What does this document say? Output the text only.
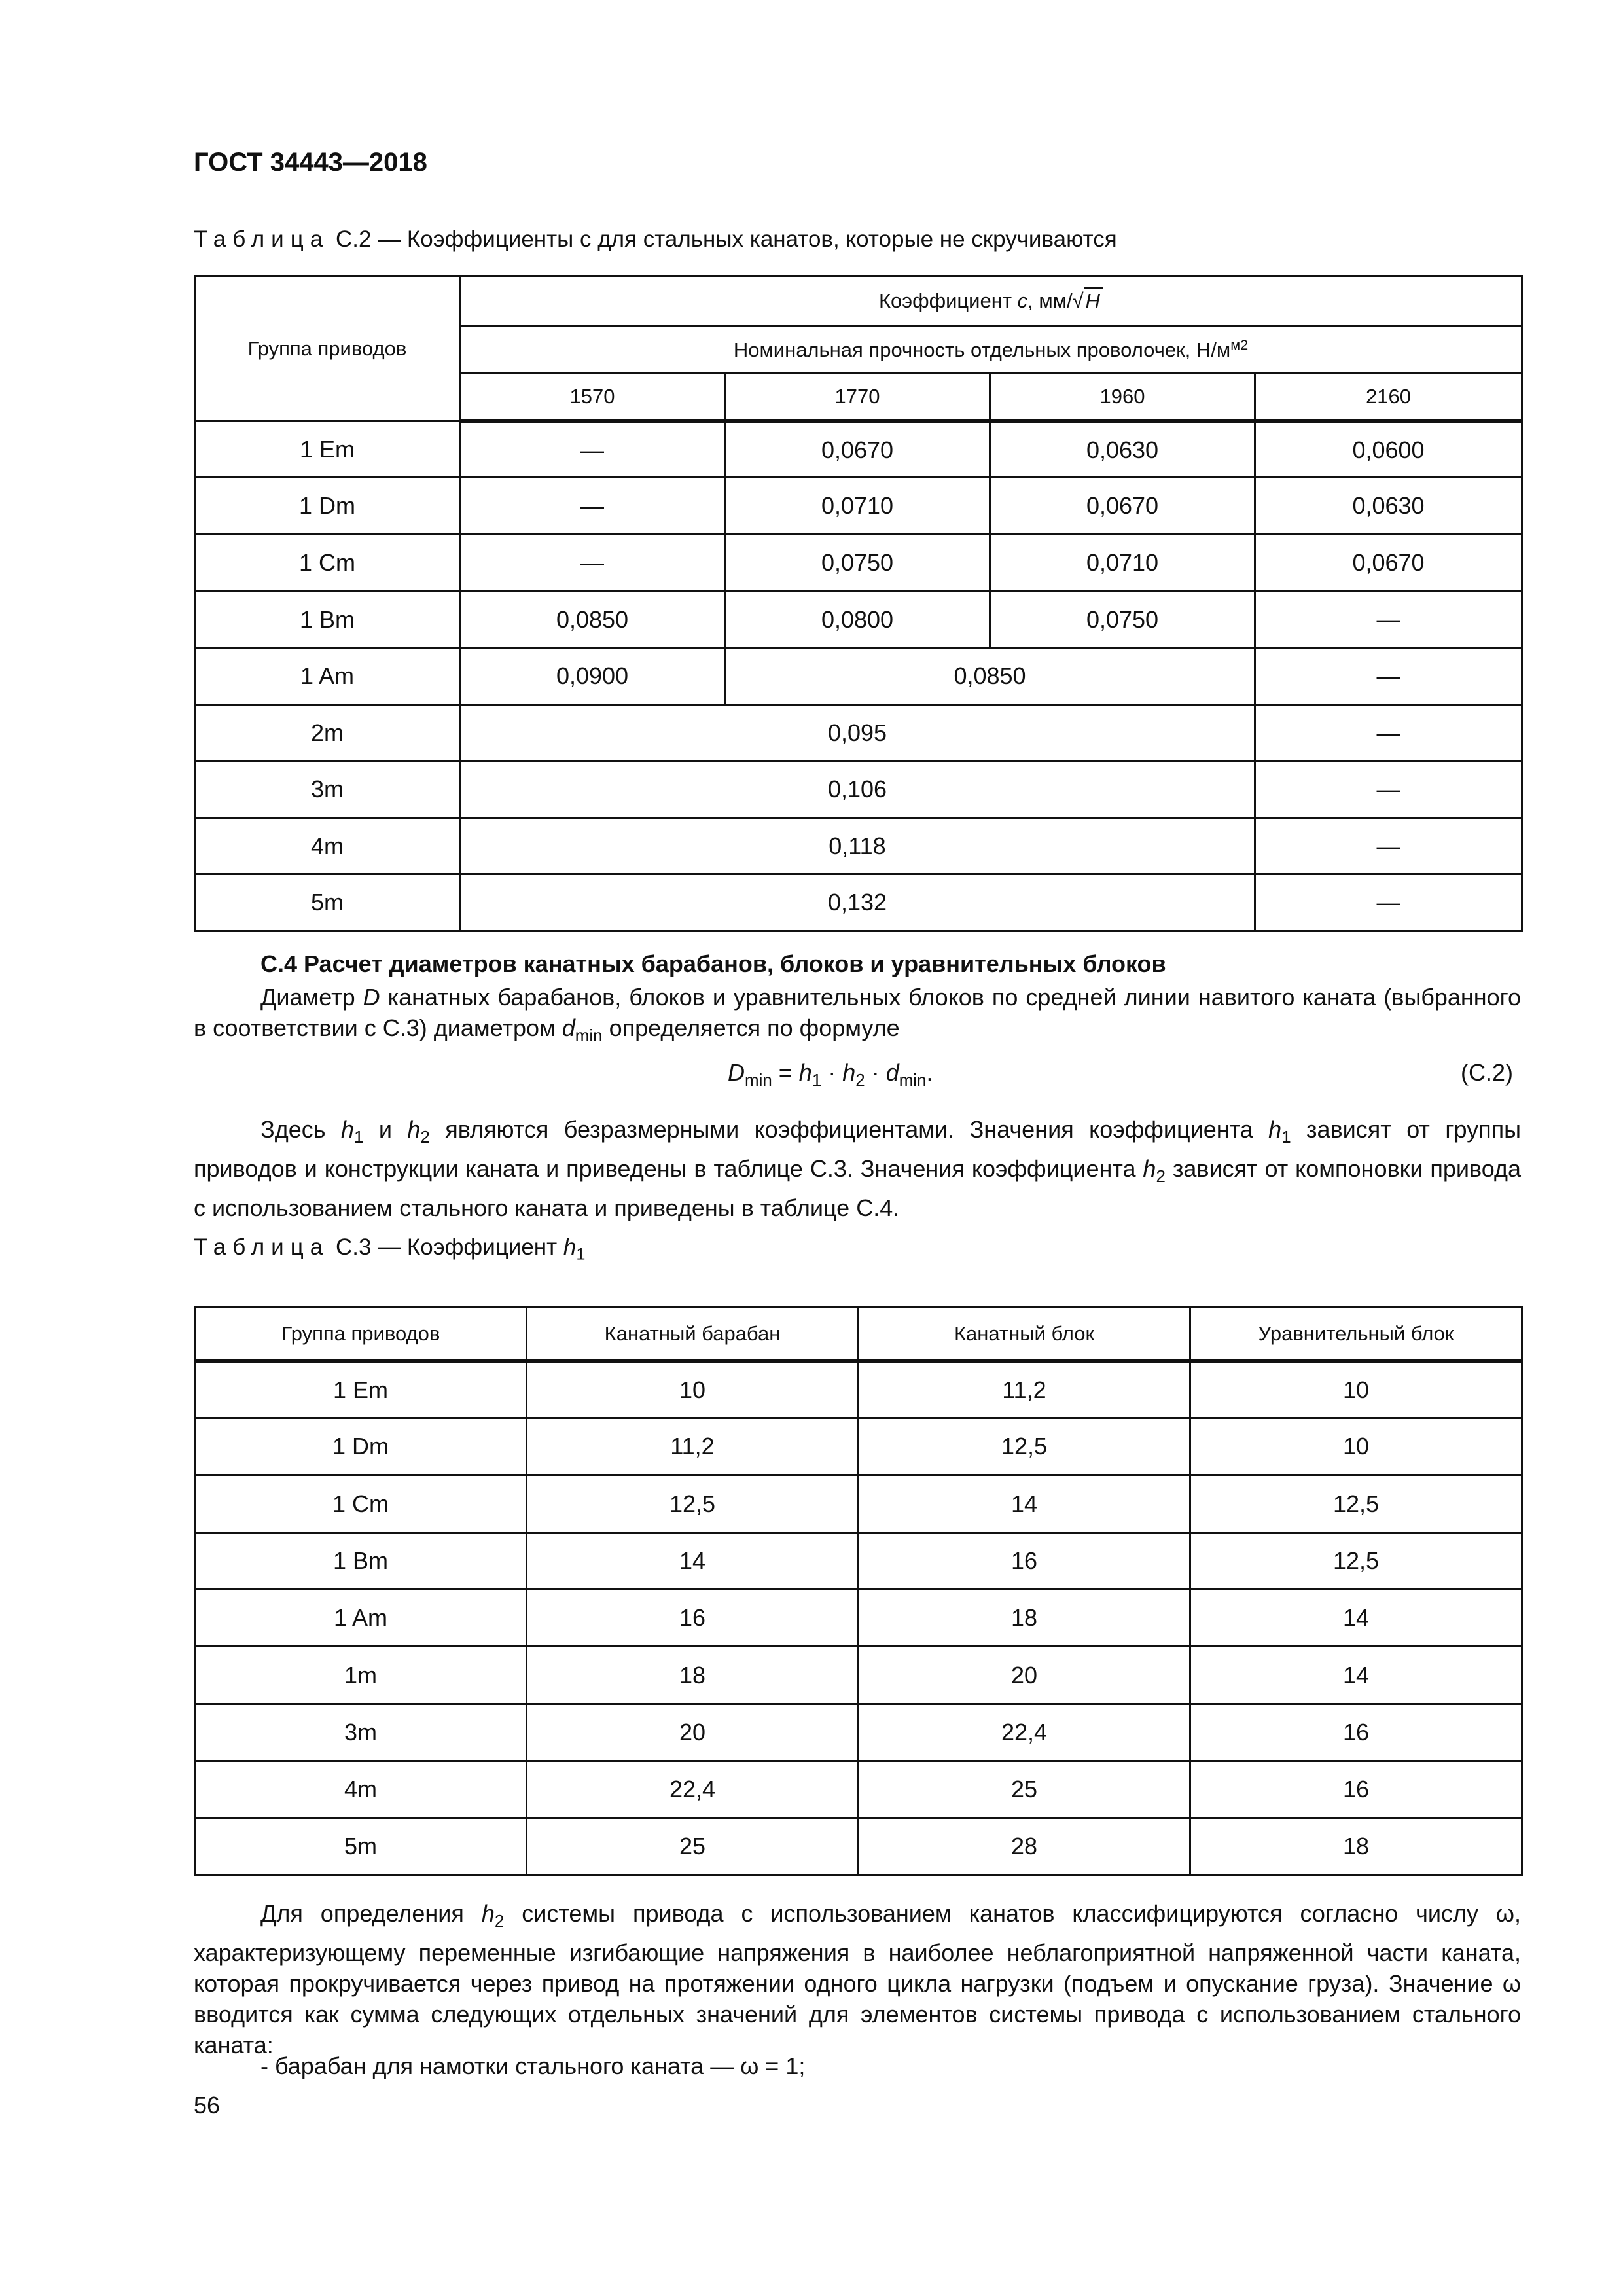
ГОСТ 34443—2018
Таблица С.2 — Коэффициенты c для стальных канатов, которые не скручиваются
Группа приводов	Коэффициент c, мм/√H			
	Номинальная прочность отдельных проволочек, $Н/м^{м2}$
	1570	1770	1960	2160
1 Em	—	0,0670	0,0630	0,0600
1 Dm	—	0,0710	0,0670	0,0630
1 Cm	—	0,0750	0,0710	0,0670
1 Bm	0,0850	0,0800	0,0750	—
1 Am	0,0900	0,0850		—
2m	0,095			—
3m	0,106			—
4m	0,118			—
5m	0,132			—
С.4 Расчет диаметров канатных барабанов, блоков и уравнительных блоков

Диаметр D канатных барабанов, блоков и уравнительных блоков по средней линии навитого каната (выбранного в соответствии с С.3) диаметром $d_{min}$ определяется по формуле

$D_{min} = h_1 \cdot h_2 \cdot d_{min}$.	(С.2)

Здесь $h_1$ и $h_2$ являются безразмерными коэффициентами. Значения коэффициента $h_1$ зависят от группы приводов и конструкции каната и приведены в таблице С.3. Значения коэффициента $h_2$ зависят от компоновки привода с использованием стального каната и приведены в таблице С.4.

Таблица С.3 — Коэффициент $h_1$
Группа приводов	Канатный барабан	Канатный блок	Уравнительный блок
1 Em	10	11,2	10
1 Dm	11,2	12,5	10
1 Cm	12,5	14	12,5
1 Bm	14	16	12,5
1 Am	16	18	14
1m	18	20	14
3m	20	22,4	16
4m	22,4	25	16
5m	25	28	18

Для определения $h_2$ системы привода с использованием канатов классифицируются согласно числу ω, характеризующему переменные изгибающие напряжения в наиболее неблагоприятной напряженной части каната, которая прокручивается через привод на протяжении одного цикла нагрузки (подъем и опускание груза). Значение ω вводится как сумма следующих отдельных значений для элементов системы привода с использованием стального каната:

- барабан для намотки стального каната — ω = 1;
56
